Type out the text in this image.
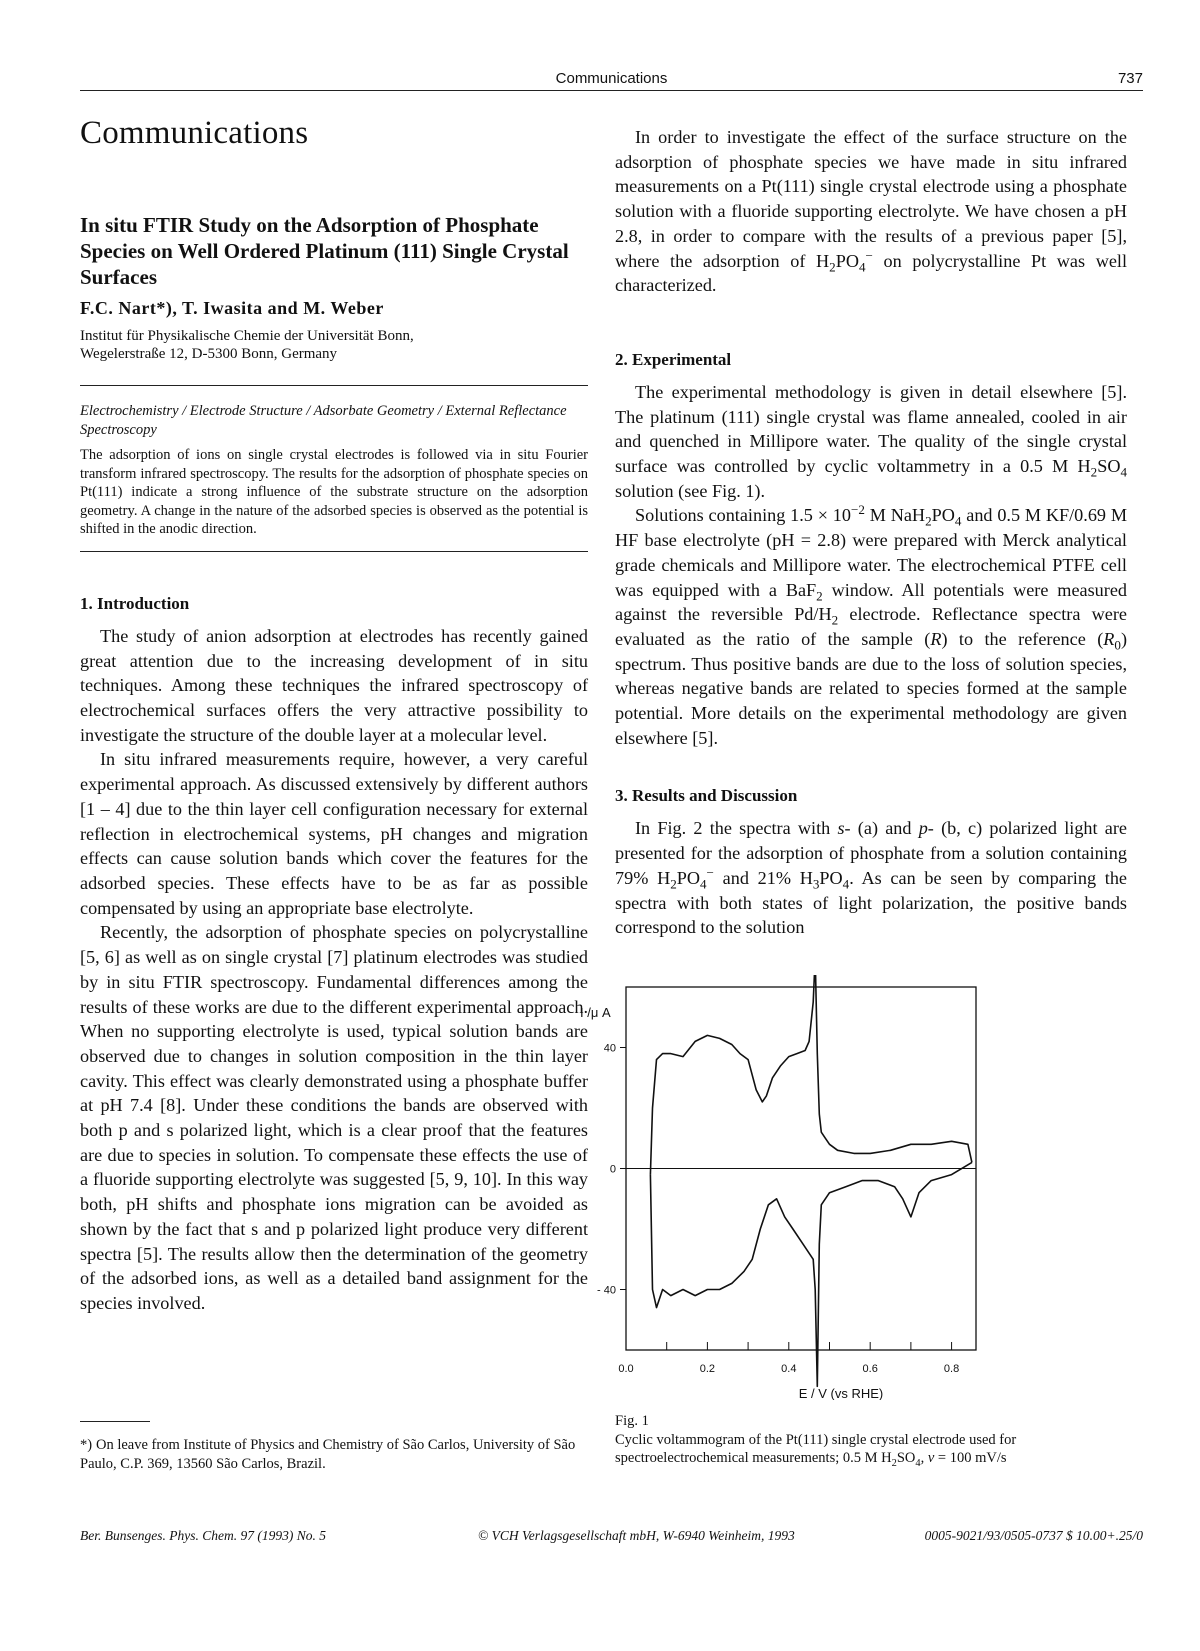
Communications	737
Communications
In situ FTIR Study on the Adsorption of Phosphate Species on Well Ordered Platinum (111) Single Crystal Surfaces
F.C. Nart*), T. Iwasita and M. Weber
Institut für Physikalische Chemie der Universität Bonn,
Wegelerstraße 12, D-5300 Bonn, Germany
Electrochemistry / Electrode Structure / Adsorbate Geometry / External Reflectance Spectroscopy
The adsorption of ions on single crystal electrodes is followed via in situ Fourier transform infrared spectroscopy. The results for the adsorption of phosphate species on Pt(111) indicate a strong influence of the substrate structure on the adsorption geometry. A change in the nature of the adsorbed species is observed as the potential is shifted in the anodic direction.
1. Introduction

The study of anion adsorption at electrodes has recently gained great attention due to the increasing development of in situ techniques. Among these techniques the infrared spectroscopy of electrochemical surfaces offers the very attractive possibility to investigate the structure of the double layer at a molecular level.

In situ infrared measurements require, however, a very careful experimental approach. As discussed extensively by different authors [1 – 4] due to the thin layer cell configuration necessary for external reflection in electrochemical systems, pH changes and migration effects can cause solution bands which cover the features for the adsorbed species. These effects have to be as far as possible compensated by using an appropriate base electrolyte.

Recently, the adsorption of phosphate species on polycrystalline [5, 6] as well as on single crystal [7] platinum electrodes was studied by in situ FTIR spectroscopy. Fundamental differences among the results of these works are due to the different experimental approach. When no supporting electrolyte is used, typical solution bands are observed due to changes in solution composition in the thin layer cavity. This effect was clearly demonstrated using a phosphate buffer at pH 7.4 [8]. Under these conditions the bands are observed with both p and s polarized light, which is a clear proof that the features are due to species in solution. To compensate these effects the use of a fluoride supporting electrolyte was suggested [5, 9, 10]. In this way both, pH shifts and phosphate ions migration can be avoided as shown by the fact that s and p polarized light produce very different spectra [5]. The results allow then the determination of the geometry of the adsorbed ions, as well as a detailed band assignment for the species involved.

*) On leave from Institute of Physics and Chemistry of São Carlos, University of São Paulo, C.P. 369, 13560 São Carlos, Brazil.

In order to investigate the effect of the surface structure on the adsorption of phosphate species we have made in situ infrared measurements on a Pt(111) single crystal electrode using a phosphate solution with a fluoride supporting electrolyte. We have chosen a pH 2.8, in order to compare with the results of a previous paper [5], where the adsorption of $H_2PO_4^-$ on polycrystalline Pt was well characterized.

2. Experimental

The experimental methodology is given in detail elsewhere [5]. The platinum (111) single crystal was flame annealed, cooled in air and quenched in Millipore water. The quality of the single crystal surface was controlled by cyclic voltammetry in a 0.5 M $H_2SO_4$ solution (see Fig. 1).

Solutions containing $1.5 \times 10^{-2}$ M $NaH_2PO_4$ and 0.5 M KF/0.69 M HF base electrolyte (pH = 2.8) were prepared with Merck analytical grade chemicals and Millipore water. The electrochemical PTFE cell was equipped with a BaF$_2$ window. All potentials were measured against the reversible $Pd/H_2$ electrode. Reflectance spectra were evaluated as the ratio of the sample (R) to the reference $(R_0)$ spectrum. Thus positive bands are due to the loss of solution species, whereas negative bands are related to species formed at the sample potential. More details on the experimental methodology are given elsewhere [5].

3. Results and Discussion

In Fig. 2 the spectra with s- (a) and p- (b, c) polarized light are presented for the adsorption of phosphate from a solution containing 79% $H_2PO_4^-$ and 21% $H_3PO_4$. As can be seen by comparing the spectra with both states of light polarization, the positive bands correspond to the solution

40
0
- 40
0.0	0.2	0.4	0.6	0.8
I /μ A
E / V (vs RHE)
Fig. 1
Cyclic voltammogram of the Pt(111) single crystal electrode used for spectroelectrochemical measurements; 0.5 M $H_2SO_4$, v = 100 mV/s
Ber. Bunsenges. Phys. Chem. 97 (1993) No. 5	© VCH Verlagsgesellschaft mbH, W-6940 Weinheim, 1993	0005-9021/93/0505-0737 $ 10.00+.25/0
